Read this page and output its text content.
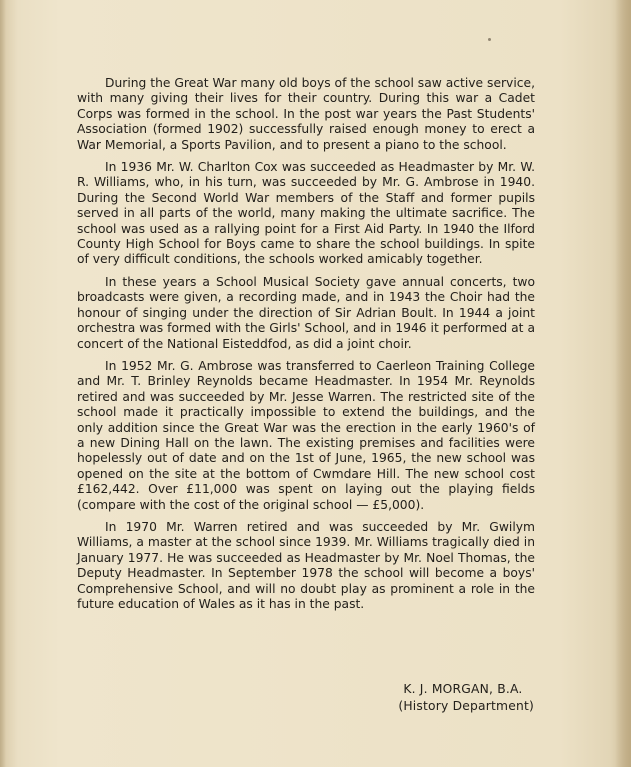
During the Great War many old boys of the school saw active service, with many giving their lives for their country. During this war a Cadet Corps was formed in the school. In the post war years the Past Students' Association (formed 1902) successfully raised enough money to erect a War Memorial, a Sports Pavilion, and to present a piano to the school.

In 1936 Mr. W. Charlton Cox was succeeded as Headmaster by Mr. W. R. Williams, who, in his turn, was succeeded by Mr. G. Ambrose in 1940. During the Second World War members of the Staff and former pupils served in all parts of the world, many making the ultimate sacrifice. The school was used as a rallying point for a First Aid Party. In 1940 the Ilford County High School for Boys came to share the school buildings. In spite of very difficult conditions, the schools worked amicably together.

In these years a School Musical Society gave annual concerts, two broadcasts were given, a recording made, and in 1943 the Choir had the honour of singing under the direction of Sir Adrian Boult. In 1944 a joint orchestra was formed with the Girls' School, and in 1946 it performed at a concert of the National Eisteddfod, as did a joint choir.

In 1952 Mr. G. Ambrose was transferred to Caerleon Training College and Mr. T. Brinley Reynolds became Headmaster. In 1954 Mr. Reynolds retired and was succeeded by Mr. Jesse Warren. The restricted site of the school made it practically impossible to extend the buildings, and the only addition since the Great War was the erection in the early 1960's of a new Dining Hall on the lawn. The existing premises and facilities were hopelessly out of date and on the 1st of June, 1965, the new school was opened on the site at the bottom of Cwmdare Hill. The new school cost £162,442. Over £11,000 was spent on laying out the playing fields (compare with the cost of the original school — £5,000).

In 1970 Mr. Warren retired and was succeeded by Mr. Gwilym Williams, a master at the school since 1939. Mr. Williams tragically died in January 1977. He was succeeded as Headmaster by Mr. Noel Thomas, the Deputy Headmaster. In September 1978 the school will become a boys' Comprehensive School, and will no doubt play as prominent a role in the future education of Wales as it has in the past.

K. J. MORGAN, B.A.
(History Department)
